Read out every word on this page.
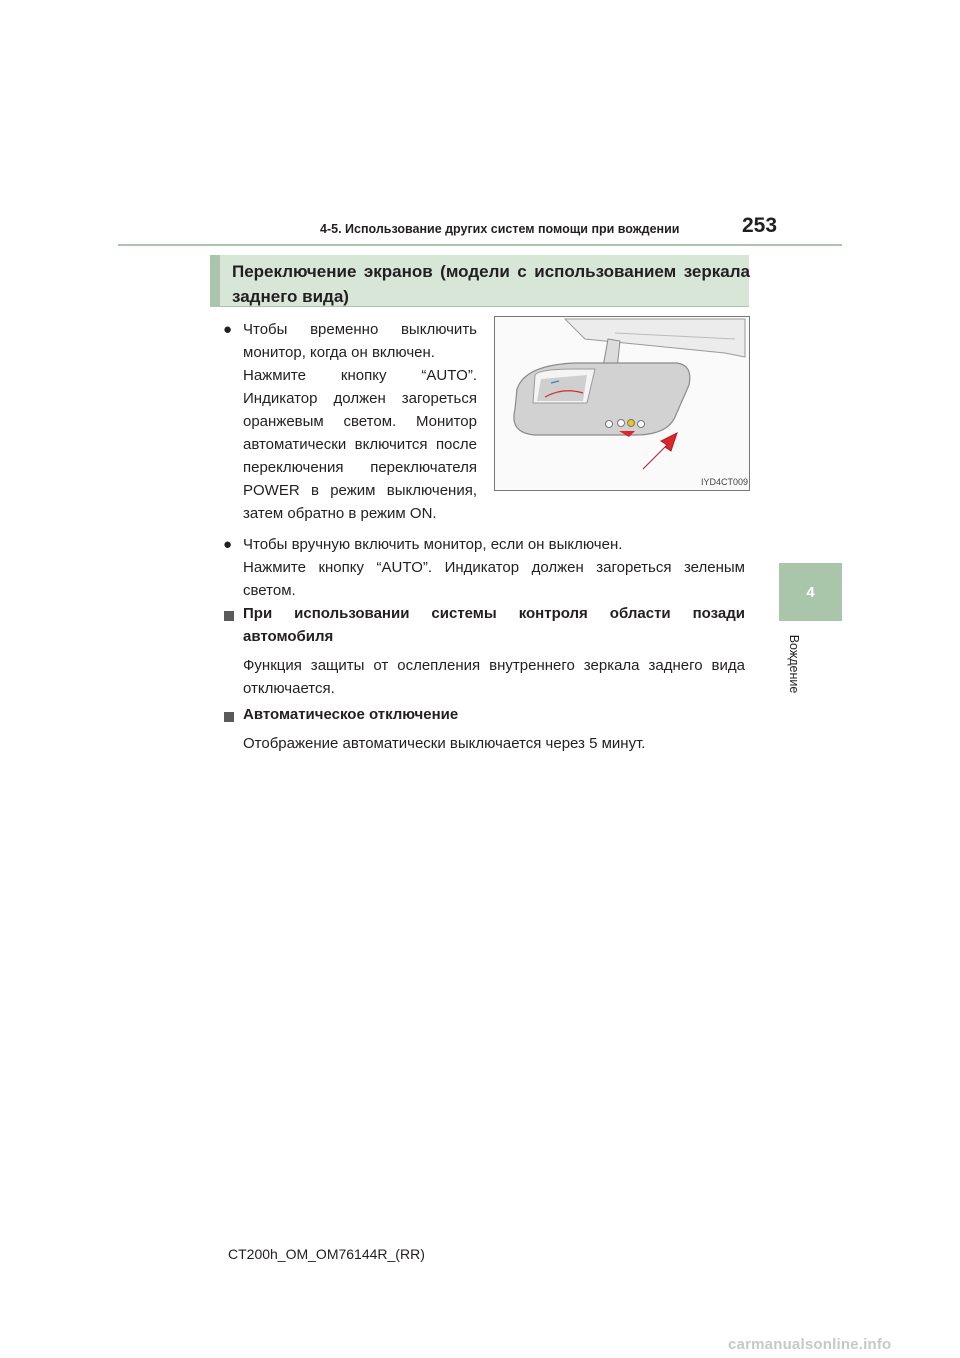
4-5. Использование других систем помощи при вождении	253
4
Вождение
Переключение экранов (модели с использованием зеркала заднего вида)
● Чтобы временно выключить монитор, когда он включен.
Нажмите кнопку “AUTO”. Индикатор должен загореться оранжевым светом. Монитор автоматически включится после переключения переключателя POWER в режим выключения, затем обратно в режим ON.
IYD4CT009
● Чтобы вручную включить монитор, если он выключен.
Нажмите кнопку “AUTO”. Индикатор должен загореться зеленым светом.
При использовании системы контроля области позади автомобиля
Функция защиты от ослепления внутреннего зеркала заднего вида отключается.
Автоматическое отключение
Отображение автоматически выключается через 5 минут.
CT200h_OM_OM76144R_(RR)
carmanualsonline.info
